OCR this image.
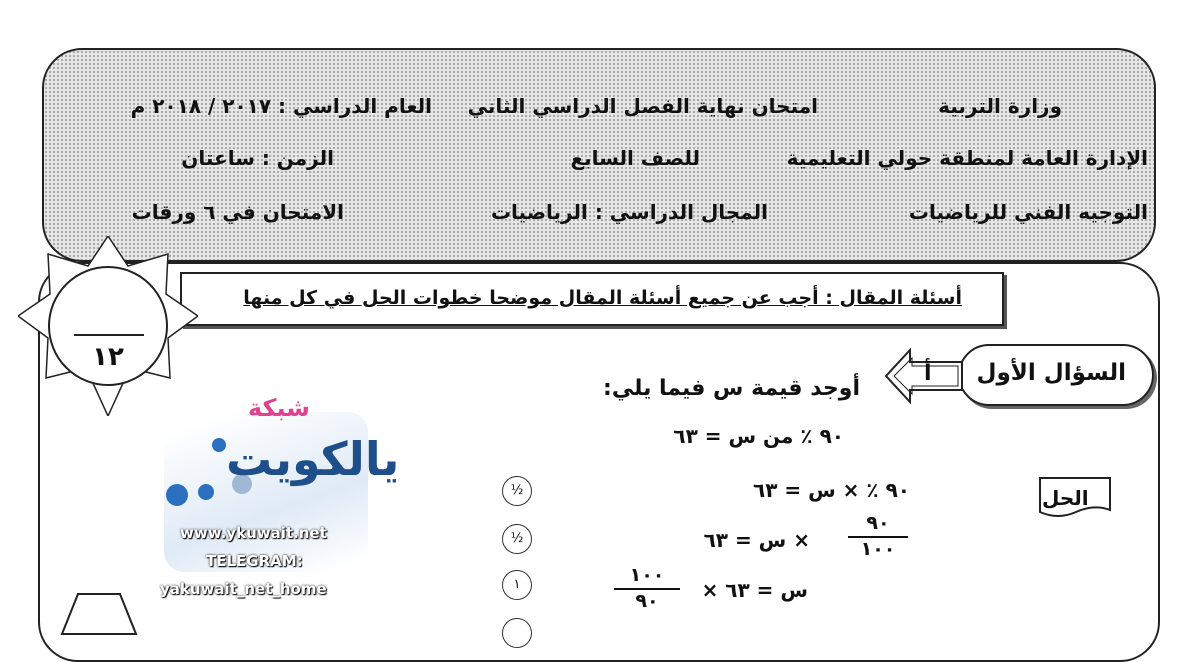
وزارة التربية
امتحان نهاية الفصل الدراسي الثاني
العام الدراسي : ٢٠١٧ / ٢٠١٨ م
الإدارة العامة لمنطقة حولي التعليمية
للصف السابع
الزمن : ساعتان
التوجيه الفني للرياضيات
المجال الدراسي : الرياضيات
الامتحان في ٦ ورقات
أسئلة المقال : أجب عن جميع أسئلة المقال موضحا خطوات الحل في كل منها
١٢
السؤال الأول
أ
أوجد قيمة س فيما يلي:
٩٠ ٪ من س = ٦٣
الحل
٩٠ ٪ × س = ٦٣
½
× س = ٦٣
٩٠
١٠٠
½
س = ٦٣ ×
١٠٠
٩٠
١
شبكة
يالكويت
www.ykuwait.net
TELEGRAM:
yakuwait_net_home
